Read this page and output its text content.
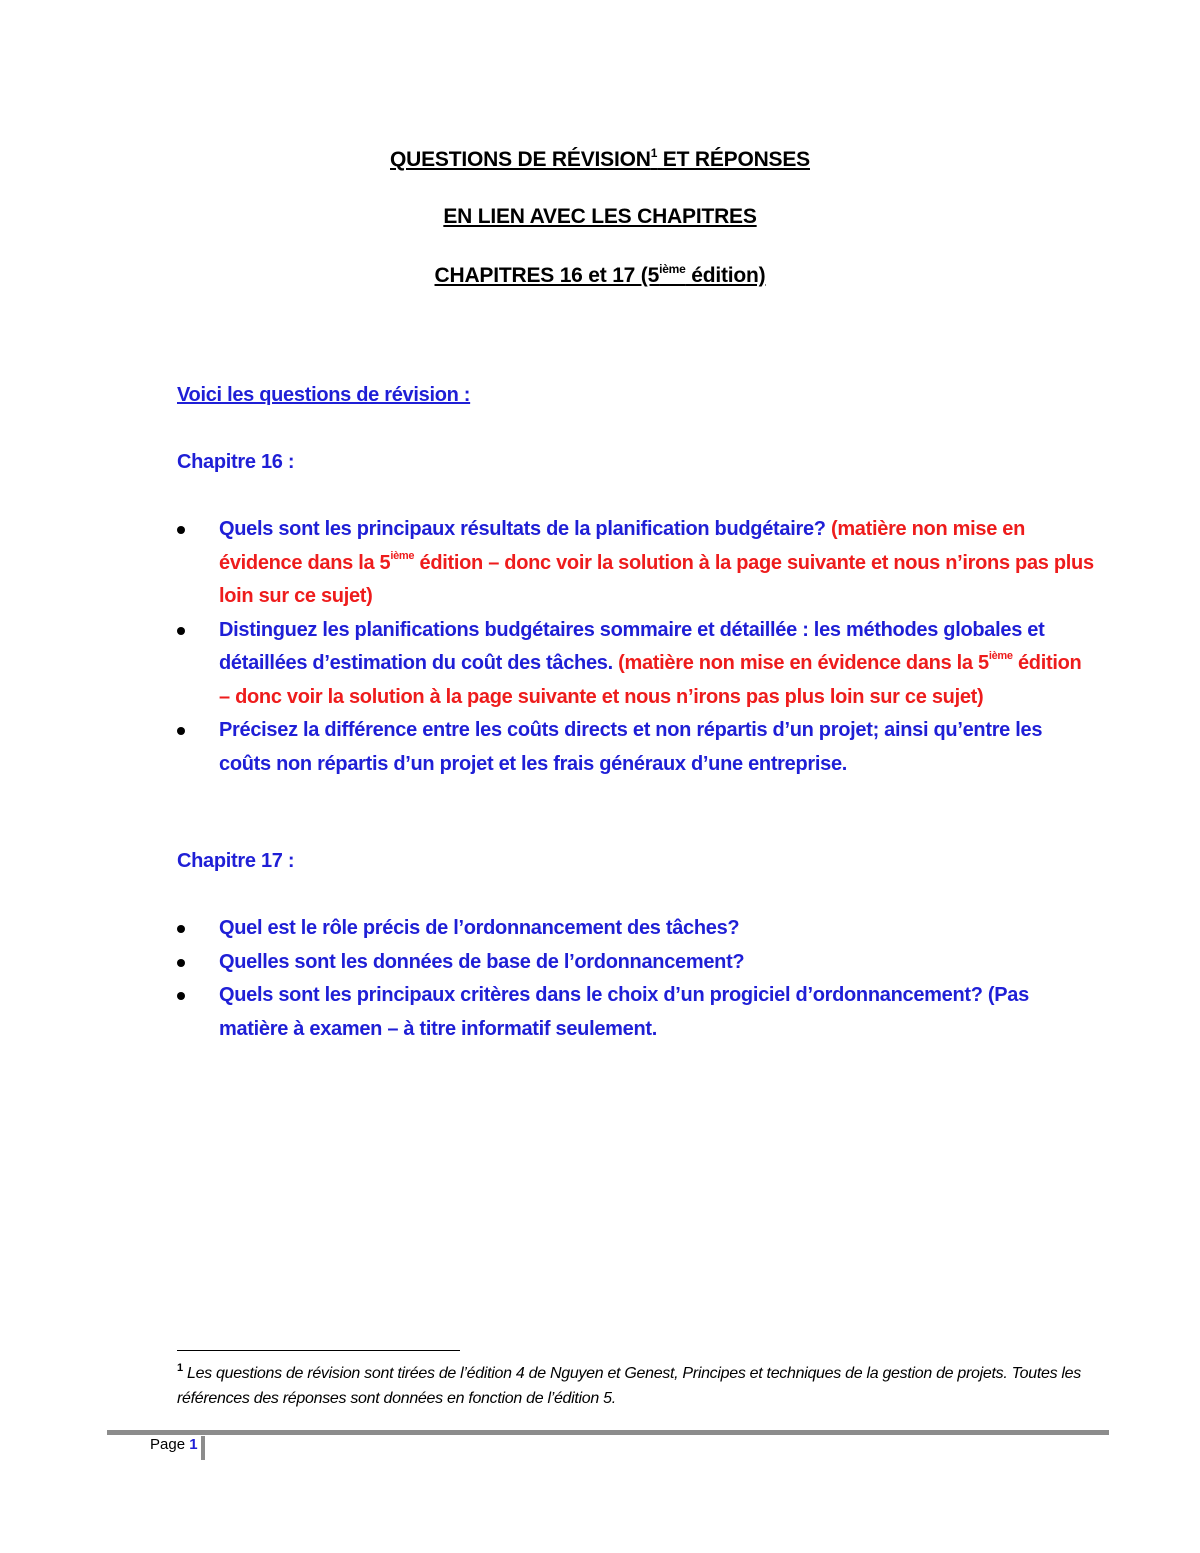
QUESTIONS DE RÉVISION$^1$ ET RÉPONSES
EN LIEN AVEC LES CHAPITRES
CHAPITRES 16 et 17 (5ième édition)
Voici les questions de révision :
Chapitre 16 :
Quels sont les principaux résultats de la planification budgétaire? (matière non mise en évidence dans la 5ième édition – donc voir la solution à la page suivante et nous n’irons pas plus loin sur ce sujet)
Distinguez les planifications budgétaires sommaire et détaillée : les méthodes globales et détaillées d’estimation du coût des tâches. (matière non mise en évidence dans la 5ième édition – donc voir la solution à la page suivante et nous n’irons pas plus loin sur ce sujet)
Précisez la différence entre les coûts directs et non répartis d’un projet; ainsi qu’entre les coûts non répartis d’un projet et les frais généraux d’une entreprise.
Chapitre 17 :
Quel est le rôle précis de l’ordonnancement des tâches?
Quelles sont les données de base de l’ordonnancement?
Quels sont les principaux critères dans le choix d’un progiciel d’ordonnancement? (Pas matière à examen – à titre informatif seulement.
$^1$ Les questions de révision sont tirées de l’édition 4 de Nguyen et Genest, Principes et techniques de la gestion de projets. Toutes les références des réponses sont données en fonction de l’édition 5.
Page 1
